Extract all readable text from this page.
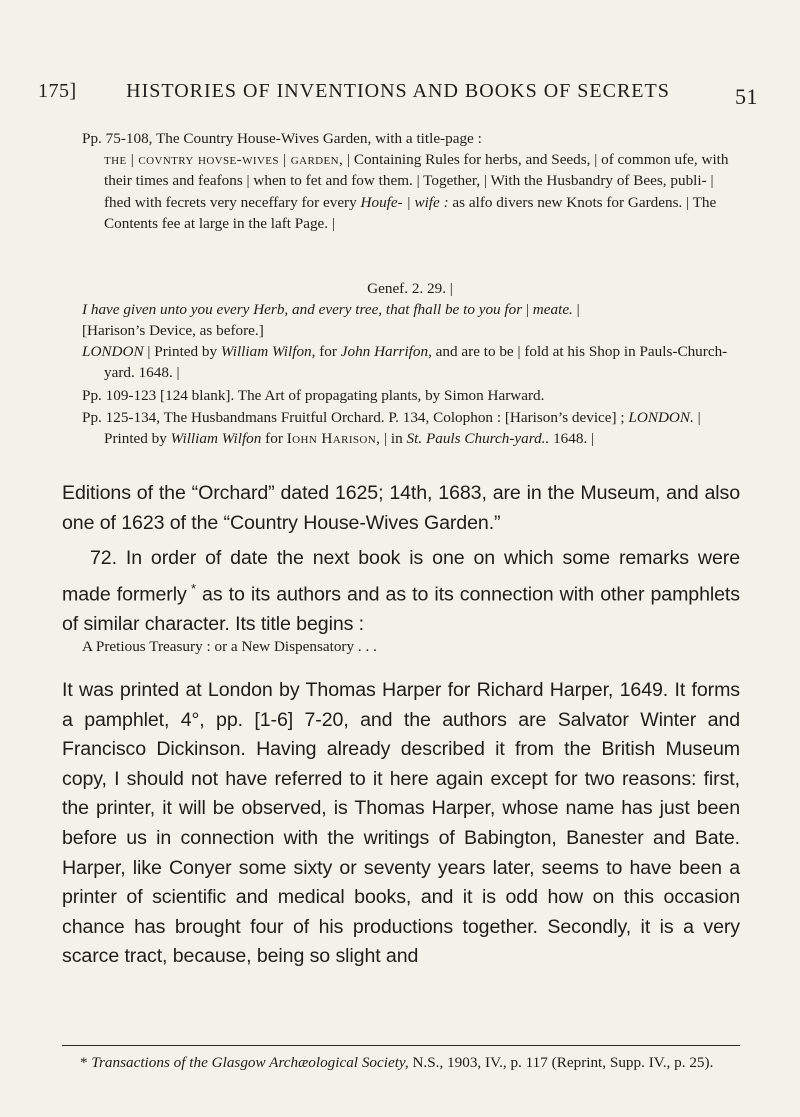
175]	HISTORIES OF INVENTIONS AND BOOKS OF SECRETS	51

Pp. 75-108, The Country House-Wives Garden, with a title-page :
the | covntry hovse-wives | garden, | Containing Rules for herbs, and Seeds, | of common ufe, with their times and feafons | when to fet and fow them. | Together, | With the Husbandry of Bees, publi- | fhed with fecrets very neceffary for every Houfe- | wife : as alfo divers new Knots for Gardens. | The Contents fee at large in the laft Page. |

Genef. 2. 29. |

I have given unto you every Herb, and every tree, that fhall be to you for | meate. |

[Harison’s Device, as before.]

LONDON | Printed by William Wilfon, for John Harrifon, and are to be | fold at his Shop in Pauls-Church-yard. 1648. |

Pp. 109-123 [124 blank]. The Art of propagating plants, by Simon Harward.

Pp. 125-134, The Husbandmans Fruitful Orchard. P. 134, Colophon : [Harison’s device] ; LONDON. | Printed by William Wilfon for Iohn Harison, | in St. Pauls Church-yard.. 1648. |

Editions of the “Orchard” dated 1625; 14th, 1683, are in the Museum, and also one of 1623 of the “Country House-Wives Garden.”

72. In order of date the next book is one on which some remarks were made formerly * as to its authors and as to its connection with other pamphlets of similar character. Its title begins :

A Pretious Treasury : or a New Dispensatory . . .

It was printed at London by Thomas Harper for Richard Harper, 1649. It forms a pamphlet, 4°, pp. [1-6] 7-20, and the authors are Salvator Winter and Francisco Dickinson. Having already described it from the British Museum copy, I should not have referred to it here again except for two reasons: first, the printer, it will be observed, is Thomas Harper, whose name has just been before us in connection with the writings of Babington, Banester and Bate. Harper, like Conyer some sixty or seventy years later, seems to have been a printer of scientific and medical books, and it is odd how on this occasion chance has brought four of his productions together. Secondly, it is a very scarce tract, because, being so slight and

* Transactions of the Glasgow Archæological Society, N.S., 1903, IV., p. 117 (Reprint, Supp. IV., p. 25).
